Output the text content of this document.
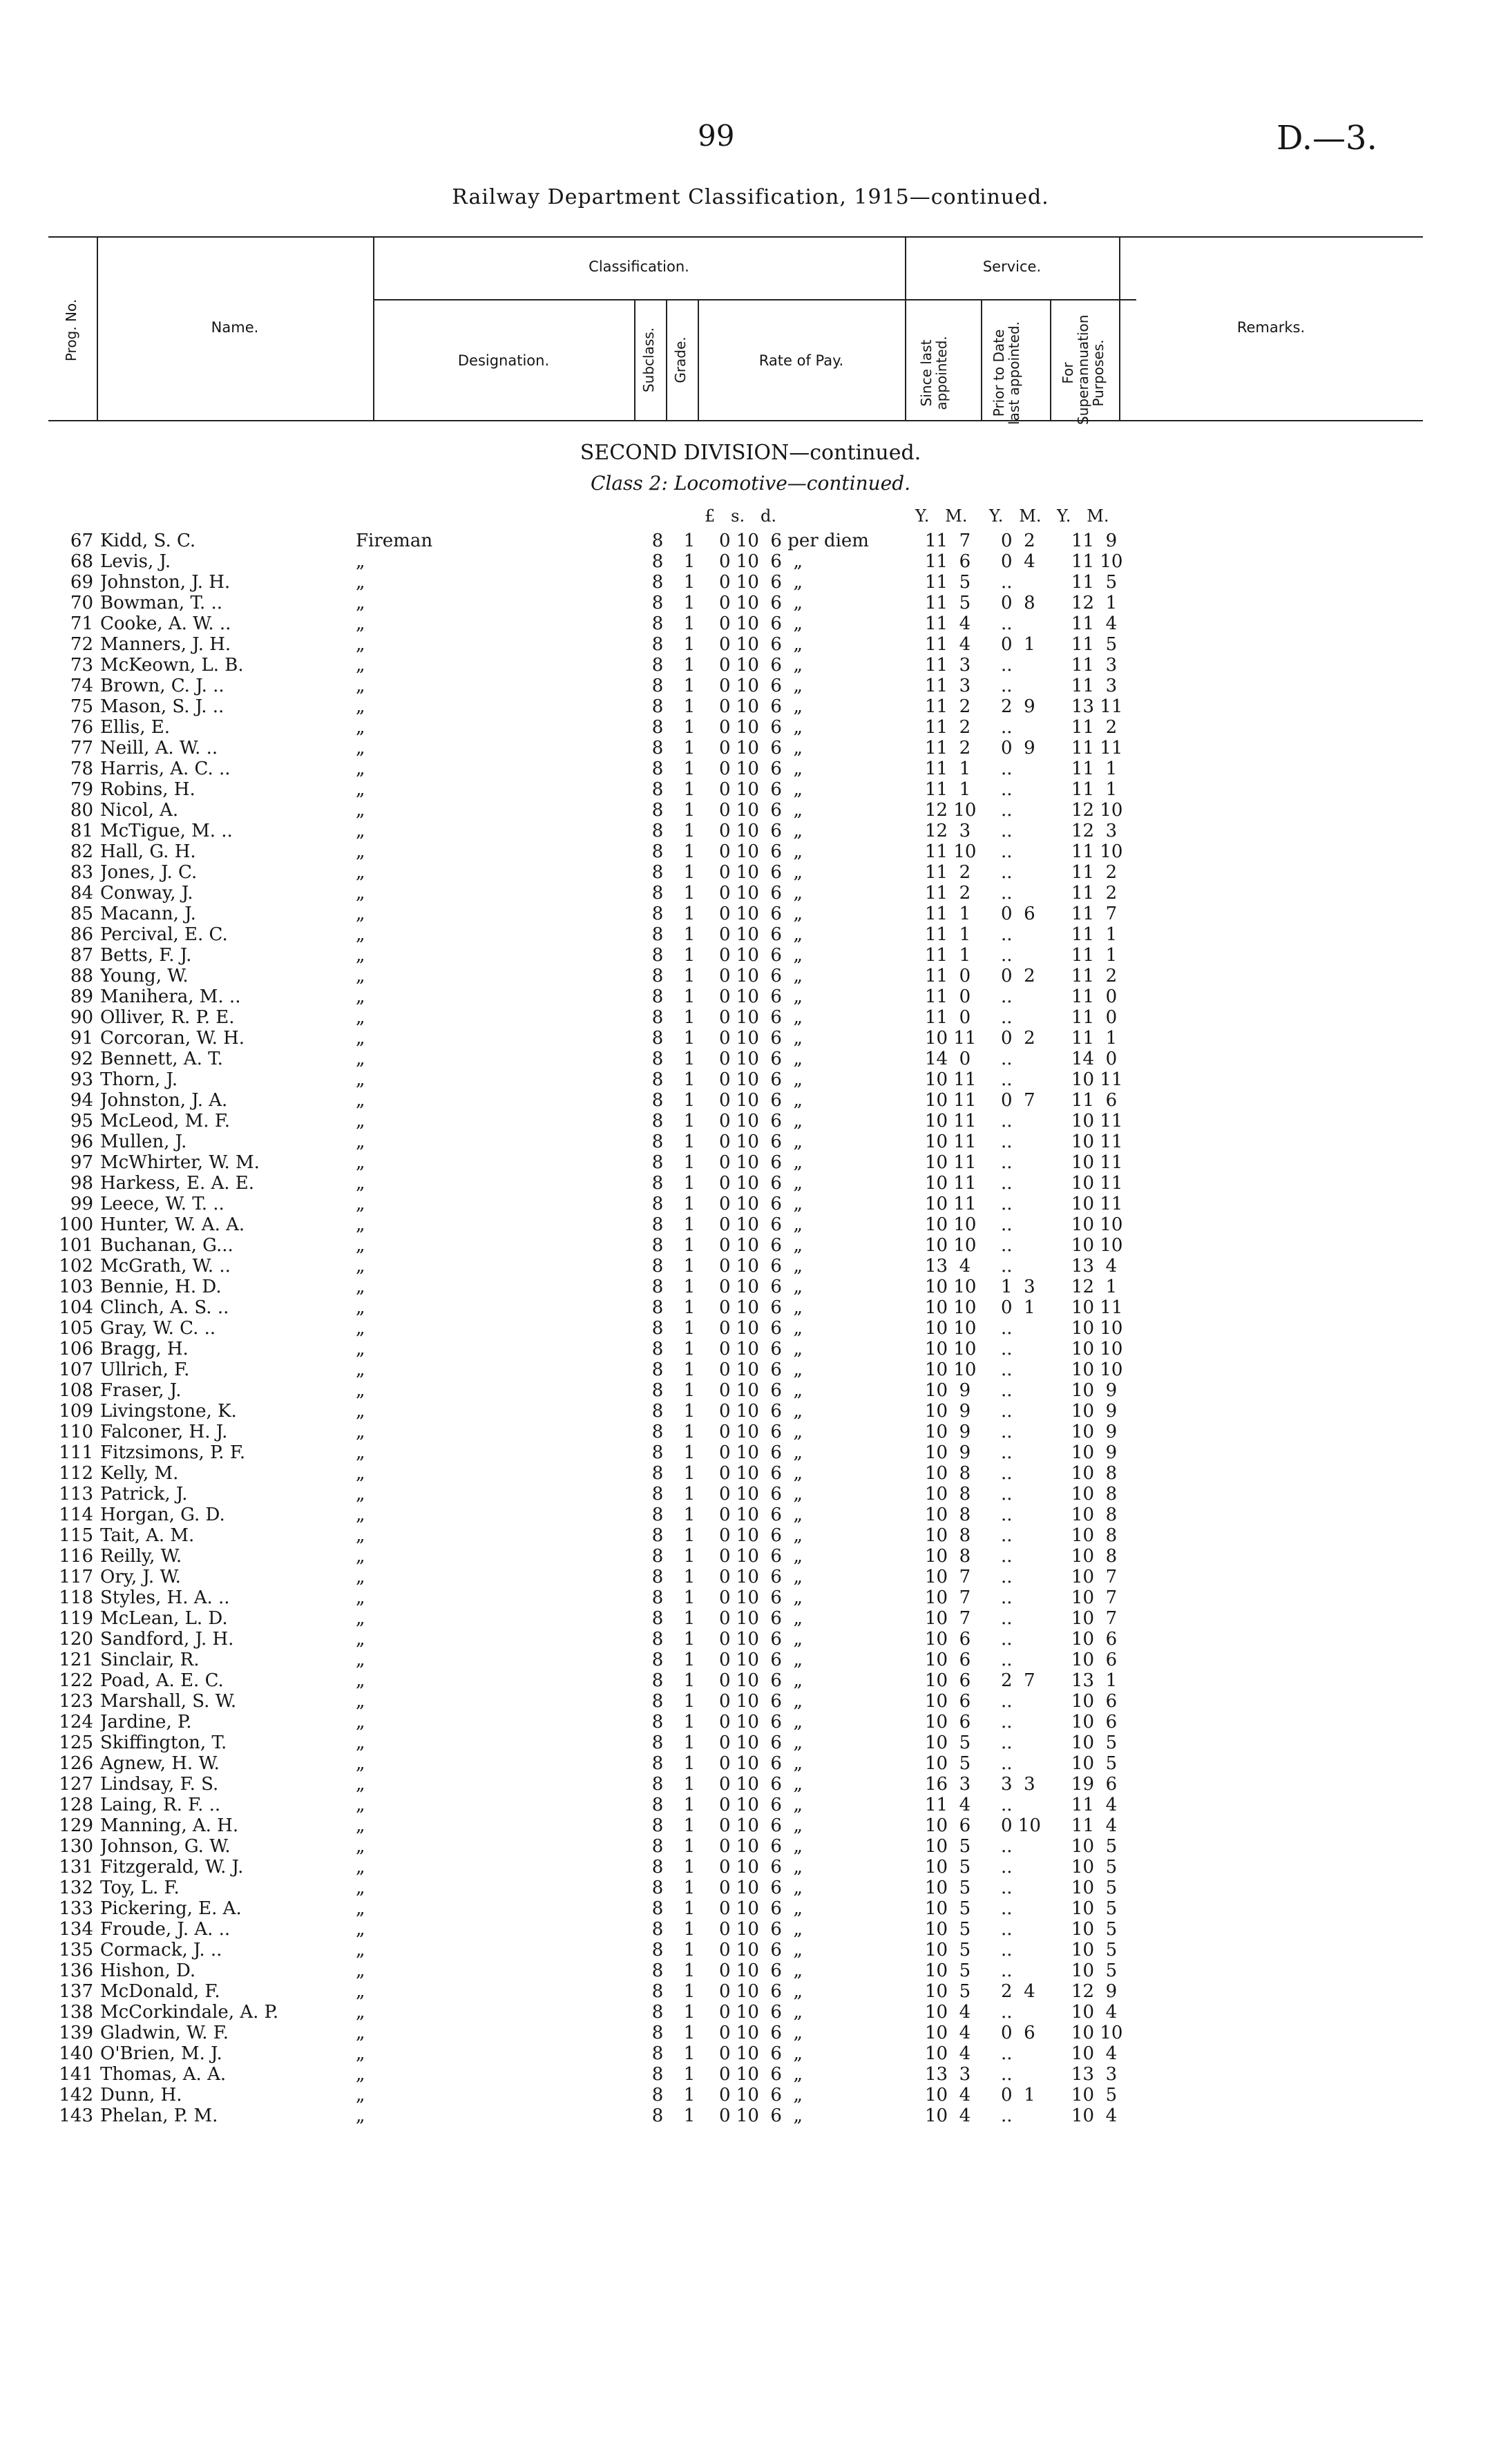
99	D.—3.
Railway Department Classification, 1915—continued.
Prog. No.	Name.
Classification.
Designation.	Subclass. Grade.	Rate of Pay.
Service.
Since last appointed.	Prior to Date last appointed.	For Superannuation Purposes.
Remarks.
SECOND DIVISION—continued.
Class 2: Locomotive—continued.
£   s.   d.	Y.   M. Y.   M. Y.   M.
67	Kidd, S. C.	Fireman	8	1	0 10  6 per diem	11  7	0  2	11  9	
68	Levis, J.	„	8	1	0 10  6  „	11  6	0  4	11 10	
69	Johnston, J. H.	„	8	1	0 10  6  „	11  5	..	11  5	
70	Bowman, T. ..	„	8	1	0 10  6  „	11  5	0  8	12  1	
71	Cooke, A. W. ..	„	8	1	0 10  6  „	11  4	..	11  4	
72	Manners, J. H.	„	8	1	0 10  6  „	11  4	0  1	11  5	
73	McKeown, L. B.	„	8	1	0 10  6  „	11  3	..	11  3	
74	Brown, C. J. ..	„	8	1	0 10  6  „	11  3	..	11  3	
75	Mason, S. J. ..	„	8	1	0 10  6  „	11  2	2  9	13 11	
76	Ellis, E.	„	8	1	0 10  6  „	11  2	..	11  2	
77	Neill, A. W. ..	„	8	1	0 10  6  „	11  2	0  9	11 11	
78	Harris, A. C. ..	„	8	1	0 10  6  „	11  1	..	11  1	
79	Robins, H.	„	8	1	0 10  6  „	11  1	..	11  1	
80	Nicol, A.	„	8	1	0 10  6  „	12 10	..	12 10	
81	McTigue, M. ..	„	8	1	0 10  6  „	12  3	..	12  3	
82	Hall, G. H.	„	8	1	0 10  6  „	11 10	..	11 10	
83	Jones, J. C.	„	8	1	0 10  6  „	11  2	..	11  2	
84	Conway, J.	„	8	1	0 10  6  „	11  2	..	11  2	
85	Macann, J.	„	8	1	0 10  6  „	11  1	0  6	11  7	
86	Percival, E. C.	„	8	1	0 10  6  „	11  1	..	11  1	
87	Betts, F. J.	„	8	1	0 10  6  „	11  1	..	11  1	
88	Young, W.	„	8	1	0 10  6  „	11  0	0  2	11  2	
89	Manihera, M. ..	„	8	1	0 10  6  „	11  0	..	11  0	
90	Olliver, R. P. E.	„	8	1	0 10  6  „	11  0	..	11  0	
91	Corcoran, W. H.	„	8	1	0 10  6  „	10 11	0  2	11  1	
92	Bennett, A. T.	„	8	1	0 10  6  „	14  0	..	14  0	
93	Thorn, J.	„	8	1	0 10  6  „	10 11	..	10 11	
94	Johnston, J. A.	„	8	1	0 10  6  „	10 11	0  7	11  6	
95	McLeod, M. F.	„	8	1	0 10  6  „	10 11	..	10 11	
96	Mullen, J.	„	8	1	0 10  6  „	10 11	..	10 11	
97	McWhirter, W. M.	„	8	1	0 10  6  „	10 11	..	10 11	
98	Harkess, E. A. E.	„	8	1	0 10  6  „	10 11	..	10 11	
99	Leece, W. T. ..	„	8	1	0 10  6  „	10 11	..	10 11	
100	Hunter, W. A. A.	„	8	1	0 10  6  „	10 10	..	10 10	
101	Buchanan, G...	„	8	1	0 10  6  „	10 10	..	10 10	
102	McGrath, W. ..	„	8	1	0 10  6  „	13  4	..	13  4	
103	Bennie, H. D.	„	8	1	0 10  6  „	10 10	1  3	12  1	
104	Clinch, A. S. ..	„	8	1	0 10  6  „	10 10	0  1	10 11	
105	Gray, W. C. ..	„	8	1	0 10  6  „	10 10	..	10 10	
106	Bragg, H.	„	8	1	0 10  6  „	10 10	..	10 10	
107	Ullrich, F.	„	8	1	0 10  6  „	10 10	..	10 10	
108	Fraser, J.	„	8	1	0 10  6  „	10  9	..	10  9	
109	Livingstone, K.	„	8	1	0 10  6  „	10  9	..	10  9	
110	Falconer, H. J.	„	8	1	0 10  6  „	10  9	..	10  9	
111	Fitzsimons, P. F.	„	8	1	0 10  6  „	10  9	..	10  9	
112	Kelly, M.	„	8	1	0 10  6  „	10  8	..	10  8	
113	Patrick, J.	„	8	1	0 10  6  „	10  8	..	10  8	
114	Horgan, G. D.	„	8	1	0 10  6  „	10  8	..	10  8	
115	Tait, A. M.	„	8	1	0 10  6  „	10  8	..	10  8	
116	Reilly, W.	„	8	1	0 10  6  „	10  8	..	10  8	
117	Ory, J. W.	„	8	1	0 10  6  „	10  7	..	10  7	
118	Styles, H. A. ..	„	8	1	0 10  6  „	10  7	..	10  7	
119	McLean, L. D.	„	8	1	0 10  6  „	10  7	..	10  7	
120	Sandford, J. H.	„	8	1	0 10  6  „	10  6	..	10  6	
121	Sinclair, R.	„	8	1	0 10  6  „	10  6	..	10  6	
122	Poad, A. E. C.	„	8	1	0 10  6  „	10  6	2  7	13  1	
123	Marshall, S. W.	„	8	1	0 10  6  „	10  6	..	10  6	
124	Jardine, P.	„	8	1	0 10  6  „	10  6	..	10  6	
125	Skiffington, T.	„	8	1	0 10  6  „	10  5	..	10  5	
126	Agnew, H. W.	„	8	1	0 10  6  „	10  5	..	10  5	
127	Lindsay, F. S.	„	8	1	0 10  6  „	16  3	3  3	19  6	
128	Laing, R. F. ..	„	8	1	0 10  6  „	11  4	..	11  4	
129	Manning, A. H.	„	8	1	0 10  6  „	10  6	0 10	11  4	
130	Johnson, G. W.	„	8	1	0 10  6  „	10  5	..	10  5	
131	Fitzgerald, W. J.	„	8	1	0 10  6  „	10  5	..	10  5	
132	Toy, L. F.	„	8	1	0 10  6  „	10  5	..	10  5	
133	Pickering, E. A.	„	8	1	0 10  6  „	10  5	..	10  5	
134	Froude, J. A. ..	„	8	1	0 10  6  „	10  5	..	10  5	
135	Cormack, J. ..	„	8	1	0 10  6  „	10  5	..	10  5	
136	Hishon, D.	„	8	1	0 10  6  „	10  5	..	10  5	
137	McDonald, F.	„	8	1	0 10  6  „	10  5	2  4	12  9	
138	McCorkindale, A. P.	„	8	1	0 10  6  „	10  4	..	10  4	
139	Gladwin, W. F.	„	8	1	0 10  6  „	10  4	0  6	10 10	
140	O'Brien, M. J.	„	8	1	0 10  6  „	10  4	..	10  4	
141	Thomas, A. A.	„	8	1	0 10  6  „	13  3	..	13  3	
142	Dunn, H.	„	8	1	0 10  6  „	10  4	0  1	10  5	
143	Phelan, P. M.	„	8	1	0 10  6  „	10  4	..	10  4	
